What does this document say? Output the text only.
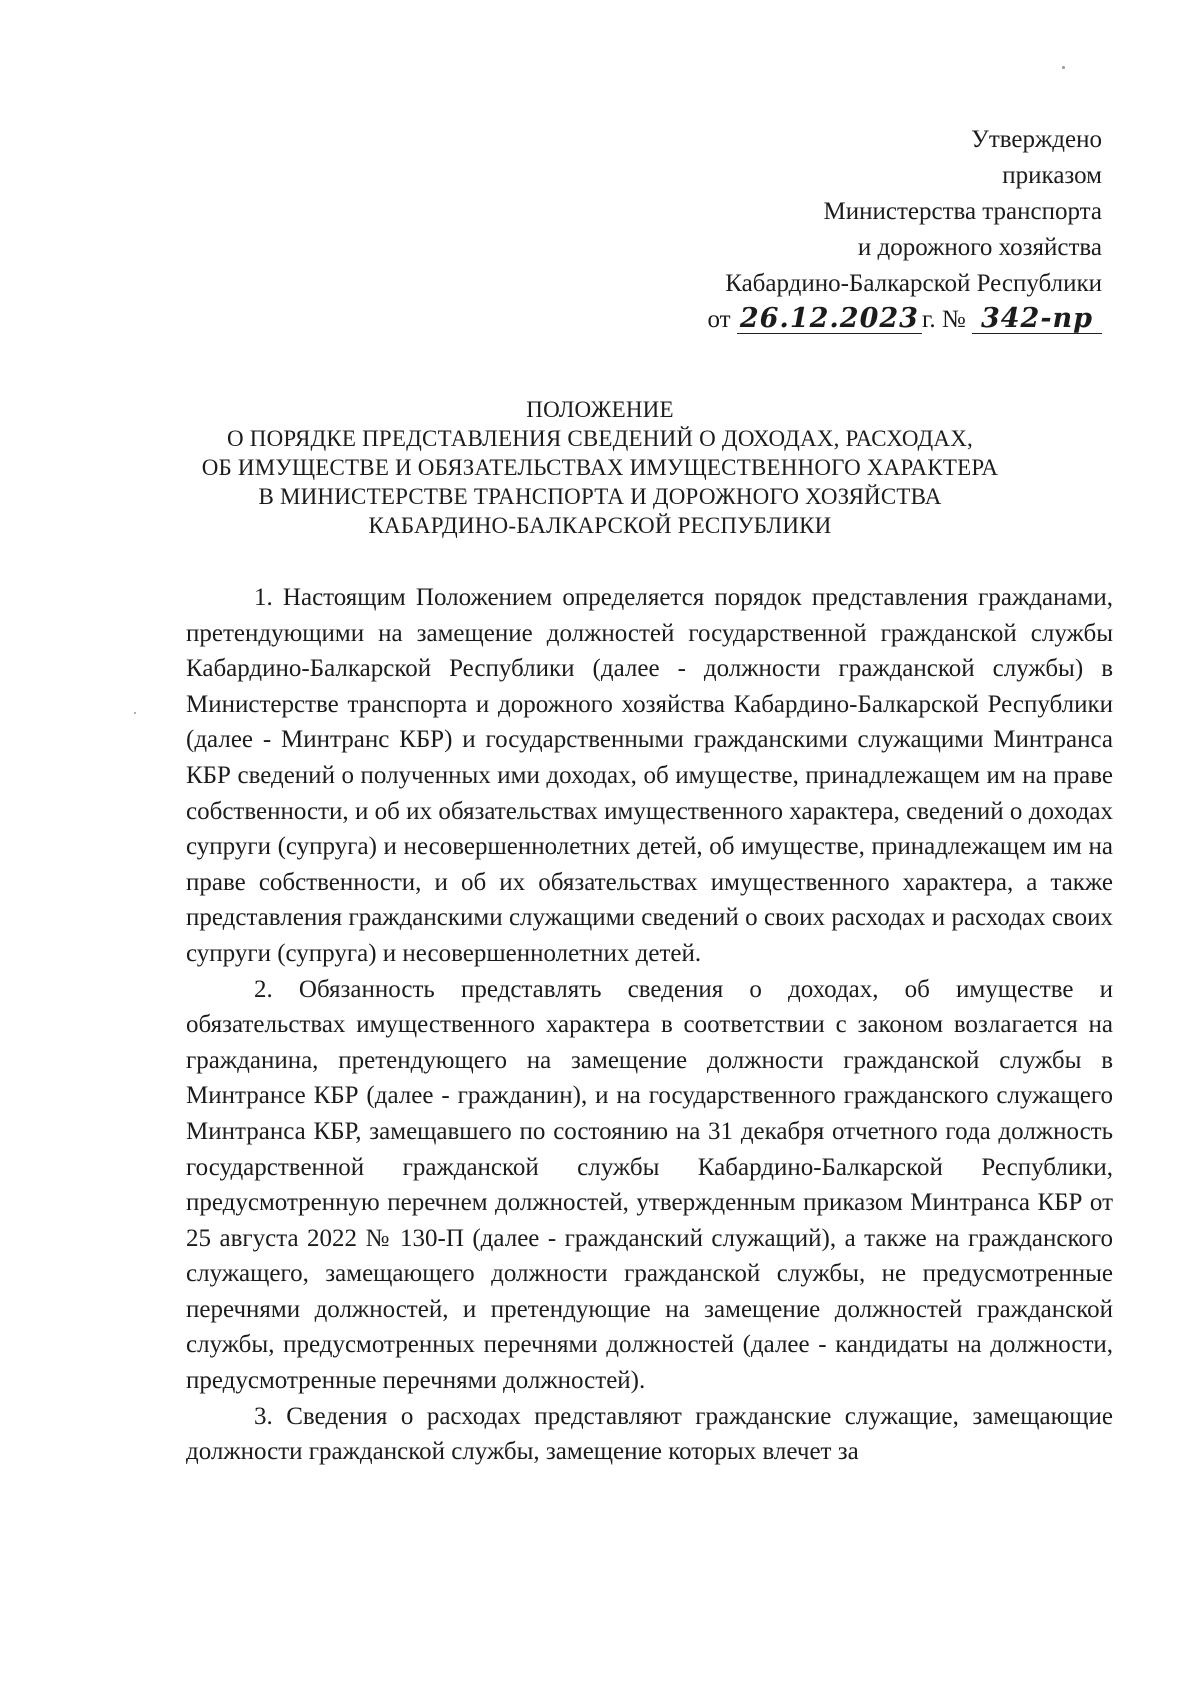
Утверждено
приказом
Министерства транспорта
и дорожного хозяйства
Кабардино-Балкарской Республики
от 26.12.2023 г. № 342-пр
ПОЛОЖЕНИЕ
О ПОРЯДКЕ ПРЕДСТАВЛЕНИЯ СВЕДЕНИЙ О ДОХОДАХ, РАСХОДАХ,
ОБ ИМУЩЕСТВЕ И ОБЯЗАТЕЛЬСТВАХ ИМУЩЕСТВЕННОГО ХАРАКТЕРА
В МИНИСТЕРСТВЕ ТРАНСПОРТА И ДОРОЖНОГО ХОЗЯЙСТВА
КАБАРДИНО-БАЛКАРСКОЙ РЕСПУБЛИКИ

1. Настоящим Положением определяется порядок представления гражданами, претендующими на замещение должностей государственной гражданской службы Кабардино-Балкарской Республики (далее - должности гражданской службы) в Министерстве транспорта и дорожного хозяйства Кабардино-Балкарской Республики (далее - Минтранс КБР) и государственными гражданскими служащими Минтранса КБР сведений о полученных ими доходах, об имуществе, принадлежащем им на праве собственности, и об их обязательствах имущественного характера, сведений о доходах супруги (супруга) и несовершеннолетних детей, об имуществе, принадлежащем им на праве собственности, и об их обязательствах имущественного характера, а также представления гражданскими служащими сведений о своих расходах и расходах своих супруги (супруга) и несовершеннолетних детей.

2. Обязанность представлять сведения о доходах, об имуществе и обязательствах имущественного характера в соответствии с законом возлагается на гражданина, претендующего на замещение должности гражданской службы в Минтрансе КБР (далее - гражданин), и на государственного гражданского служащего Минтранса КБР, замещавшего по состоянию на 31 декабря отчетного года должность государственной гражданской службы Кабардино-Балкарской Республики, предусмотренную перечнем должностей, утвержденным приказом Минтранса КБР от 25 августа 2022 № 130-П (далее - гражданский служащий), а также на гражданского служащего, замещающего должности гражданской службы, не предусмотренные перечнями должностей, и претендующие на замещение должностей гражданской службы, предусмотренных перечнями должностей (далее - кандидаты на должности, предусмотренные перечнями должностей).

3. Сведения о расходах представляют гражданские служащие, замещающие должности гражданской службы, замещение которых влечет за
